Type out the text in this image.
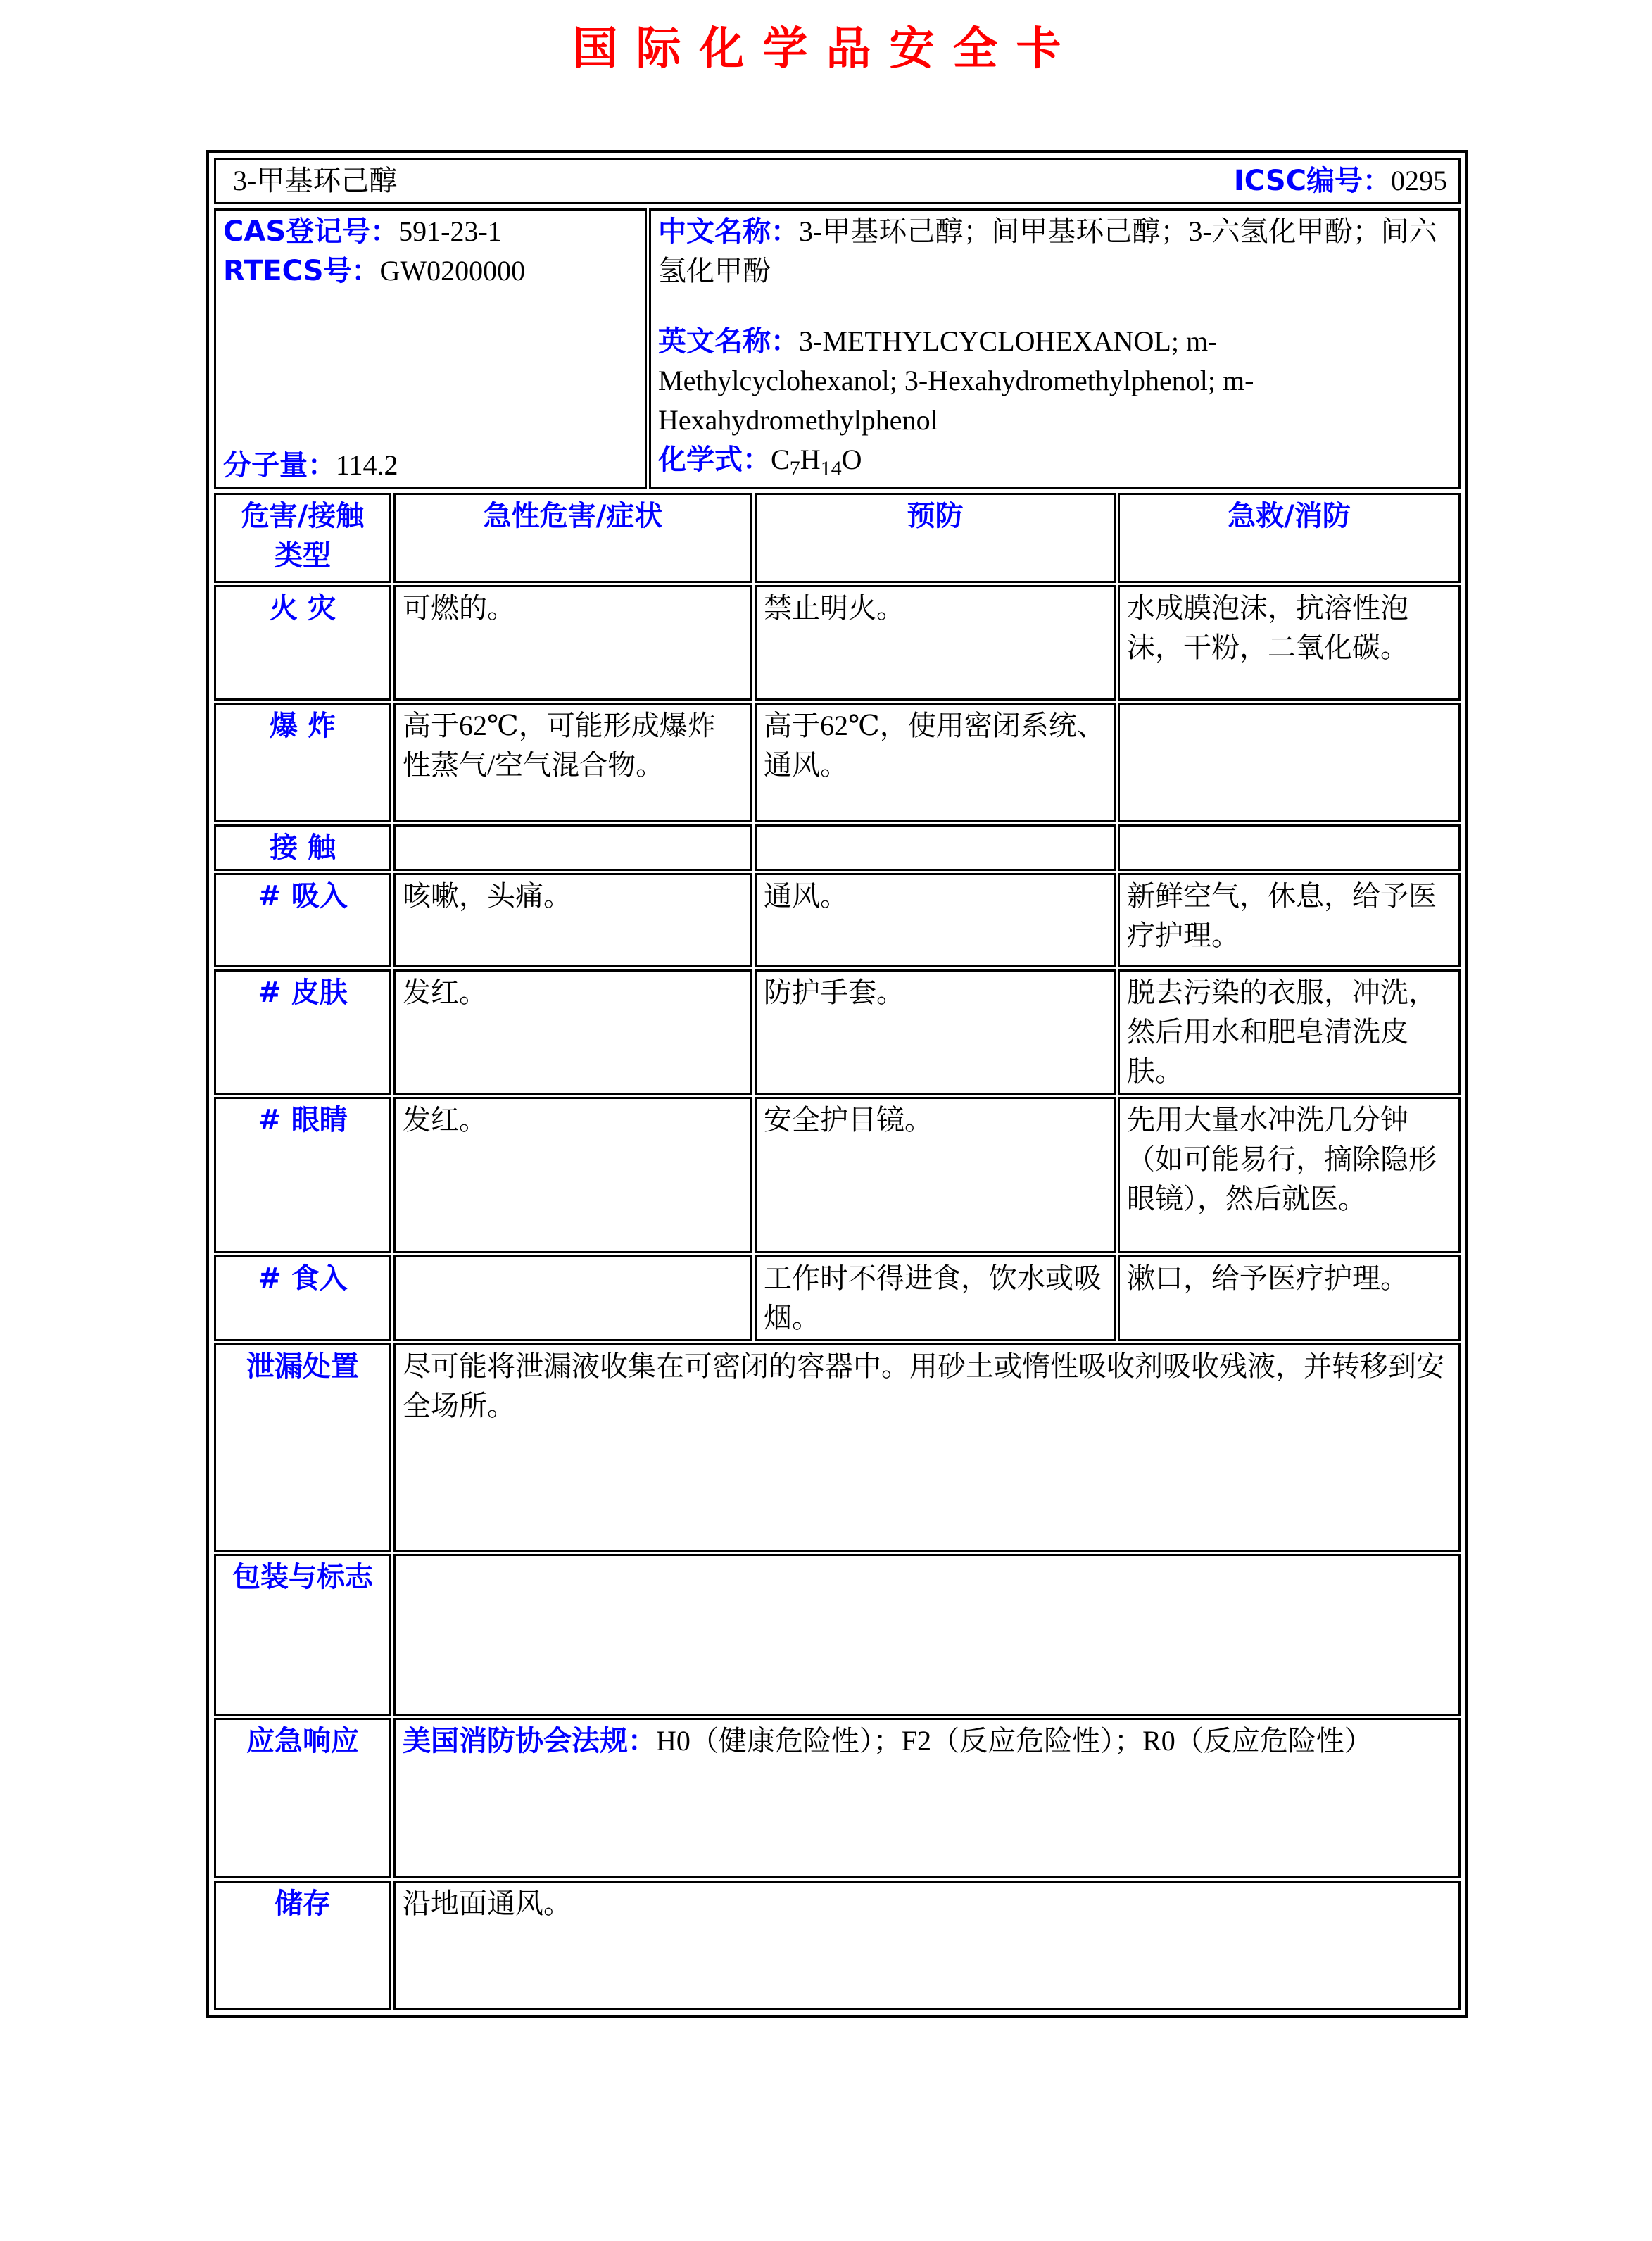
国际化学品安全卡
3-甲基环己醇	ICSC编号：0295
CAS登记号：591-23-1
RTECS号：GW0200000
分子量：114.2

中文名称：3-甲基环己醇；间甲基环己醇；3-六氢化甲酚；间六氢化甲酚

英文名称：3-METHYLCYCLOHEXANOL; m-Methylcyclohexanol; 3-Hexahydromethylphenol; m-Hexahydromethylphenol

化学式：$C_7H_{14}O$

危害/接触
类型	急性危害/症状	预防	急救/消防
火 灾	可燃的。	禁止明火。	水成膜泡沫，抗溶性泡沫，干粉，二氧化碳。
爆 炸	高于62℃，可能形成爆炸性蒸气/空气混合物。	高于62℃，使用密闭系统、通风。	
接 触			
# 吸入	咳嗽，头痛。	通风。	新鲜空气，休息，给予医疗护理。
# 皮肤	发红。	防护手套。	脱去污染的衣服，冲洗，然后用水和肥皂清洗皮肤。
# 眼睛	发红。	安全护目镜。	先用大量水冲洗几分钟（如可能易行，摘除隐形眼镜），然后就医。
# 食入		工作时不得进食，饮水或吸烟。	漱口，给予医疗护理。
泄漏处置	尽可能将泄漏液收集在可密闭的容器中。用砂土或惰性吸收剂吸收残液，并转移到安全场所。		
包装与标志			
应急响应	美国消防协会法规：H0（健康危险性）；F2（反应危险性）；R0（反应危险性）		
储存	沿地面通风。		
